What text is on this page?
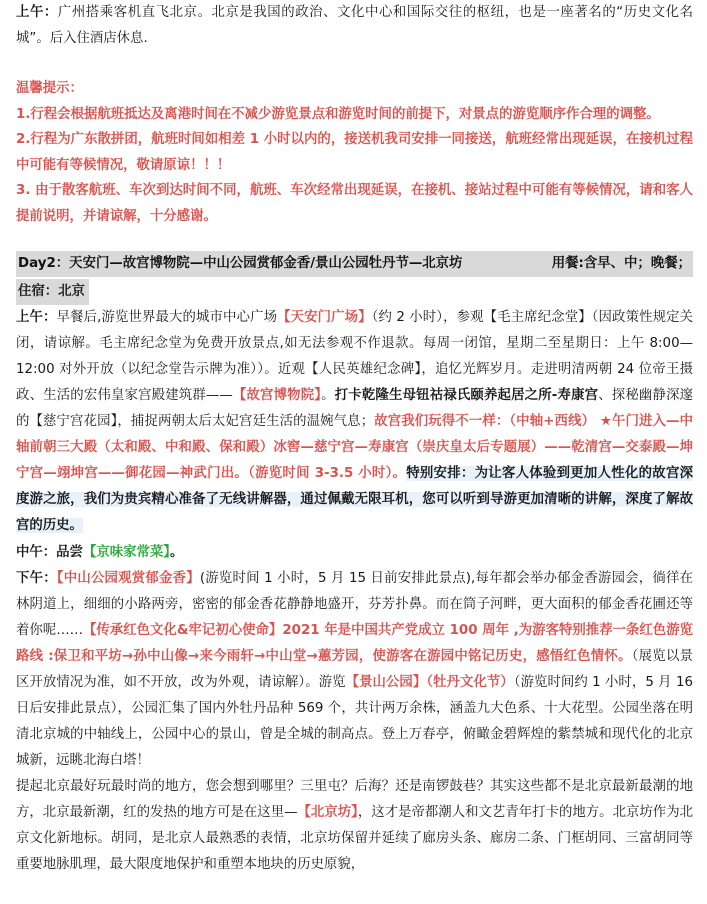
上午：广州搭乘客机直飞北京。北京是我国的政治、文化中心和国际交往的枢纽，也是一座著名的“历史文化名城”。后入住酒店休息.

温馨提示：

1.行程会根据航班抵达及离港时间在不减少游览景点和游览时间的前提下，对景点的游览顺序作合理的调整。

2.行程为广东散拼团，航班时间如相差 1 小时以内的，接送机我司安排一同接送，航班经常出现延误，在接机过程中可能有等候情况，敬请原谅！！！

3. 由于散客航班、车次到达时间不同，航班、车次经常出现延误，在接机、接站过程中可能有等候情况，请和客人提前说明，并请谅解，十分感谢。

Day2：天安门—故宫博物院—中山公园赏郁金香/景山公园牡丹节—北京坊	用餐:含早、中；晚餐；
住宿：北京

上午：早餐后,游览世界最大的城市中心广场【天安门广场】（约 2 小时），参观【毛主席纪念堂】（因政策性规定关闭，请谅解。毛主席纪念堂为免费开放景点,如无法参观不作退款。每周一闭馆，星期二至星期日：上午 8:00—12:00 对外开放（以纪念堂告示牌为准））。近观【人民英雄纪念碑】，追忆光辉岁月。走进明清两朝 24 位帝王摄政、生活的宏伟皇家宫殿建筑群——【故宫博物院】。打卡乾隆生母钮祜禄氏颐养起居之所-寿康宫、探秘幽静深邃的【慈宁宫花园】，捕捉两朝太后太妃宫廷生活的温婉气息；故宫我们玩得不一样：（中轴+西线） ★午门进入—中轴前朝三大殿（太和殿、中和殿、保和殿）冰窖—慈宁宫—寿康宫（崇庆皇太后专题展）——乾清宫—交泰殿—坤宁宫—翊坤宫——御花园—神武门出。（游览时间 3-3.5 小时）。特别安排：为让客人体验到更加人性化的故宫深度游之旅，我们为贵宾精心准备了无线讲解器，通过佩戴无限耳机，您可以听到导游更加清晰的讲解，深度了解故宫的历史。

中午：品尝【京味家常菜】。

下午：【中山公园观赏郁金香】(游览时间 1 小时，5 月 15 日前安排此景点),每年都会举办郁金香游园会，徜徉在林阴道上，细细的小路两旁，密密的郁金香花静静地盛开，芬芳扑鼻。而在筒子河畔，更大面积的郁金香花圃还等着你呢……【传承红色文化&牢记初心使命】2021 年是中国共产党成立 100 周年 ,为游客特别推荐一条红色游览路线 :保卫和平坊→孙中山像→来今雨轩→中山堂→蕙芳园，使游客在游园中铭记历史，感悟红色情怀。（展览以景区开放情况为准，如不开放，改为外观，请谅解）。游览【景山公园】（牡丹文化节）（游览时间约 1 小时，5 月 16 日后安排此景点），公园汇集了国内外牡丹品种 569 个，共计两万余株，涵盖九大色系、十大花型。公园坐落在明清北京城的中轴线上，公园中心的景山，曾是全城的制高点。登上万春亭，俯瞰金碧辉煌的紫禁城和现代化的北京城新，远眺北海白塔！

提起北京最好玩最时尚的地方，您会想到哪里？三里屯？后海？还是南锣鼓巷？其实这些都不是北京最新最潮的地方，北京最新潮，红的发热的地方可是在这里—【北京坊】，这才是帝都潮人和文艺青年打卡的地方。北京坊作为北京文化新地标。胡同，是北京人最熟悉的表情，北京坊保留并延续了廊房头条、廊房二条、门框胡同、三富胡同等重要地脉肌理，最大限度地保护和重塑本地块的历史原貌，
